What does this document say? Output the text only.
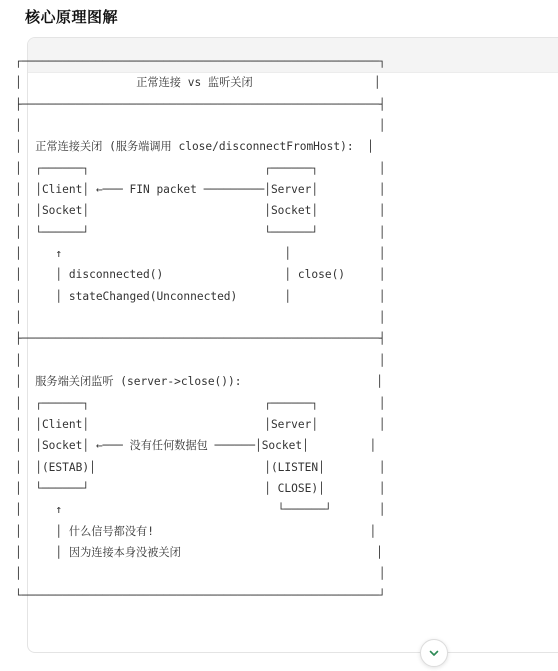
核心原理图解
┌─────────────────────────────────────────────────────┐
│                 正常连接 vs 监听关闭                  │
├─────────────────────────────────────────────────────┤
│                                                     │
│  正常连接关闭 (服务端调用 close/disconnectFromHost):  │
│  ┌──────┐                          ┌──────┐         │
│  │Client│ ←─── FIN packet ─────────│Server│         │
│  │Socket│                          │Socket│         │
│  └──────┘                          └──────┘         │
│     ↑                                 │             │
│     │ disconnected()                  │ close()     │
│     │ stateChanged(Unconnected)       │             │
│                                                     │
├─────────────────────────────────────────────────────┤
│                                                     │
│  服务端关闭监听 (server->close()):                    │
│  ┌──────┐                          ┌──────┐         │
│  │Client│                          │Server│         │
│  │Socket│ ←─── 没有任何数据包 ──────│Socket│         │
│  │(ESTAB)│                         │(LISTEN│        │
│  └──────┘                          │ CLOSE)│        │
│     ↑                                └──────┘       │
│     │ 什么信号都没有!                                │
│     │ 因为连接本身没被关闭                             │
│                                                     │
└─────────────────────────────────────────────────────┘
